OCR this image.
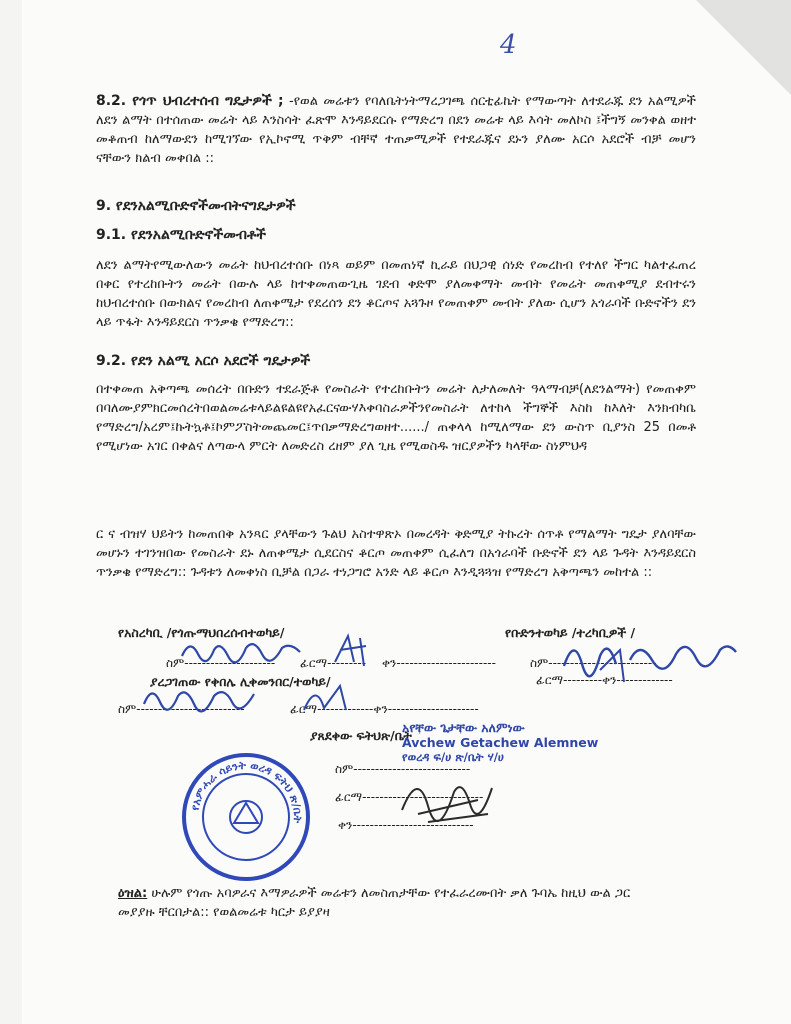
4
8.2. የጎጥ ህብረተሰብ ግዴታዎች ; -የወል መሬቱን የባለቤትነትማረጋገጫ ሰርቲፊኬት የማውጣት ለተደራጁ ደን አልሚዎች ለደን ልማት በተሰጠው መሬት ላይ እንስሳት ፈጽሞ እንዳይደርሱ የማድረግ በደን መሬቱ ላይ እሳት መለኮስ ፤ችግኝ መንቀል ወዘተ መቆጠብ ከለማውደን ከሚገኘው የኢኮኖሚ ጥቅም ብቸኛ ተጠቃሚዎች የተደራጁና ደኑን ያለሙ አርሶ አደሮች ብቻ መሆን ናቸውን ክልብ መቀበል ::
9. የደንአልሚቡድኖችመብትናግዴታዎች
9.1. የደንአልሚቡድኖችመብቶች
ለደን ልማትየሚውለውን መሬት ከህብረተሰቡ በነጻ ወይም በመጠነኛ ኪራይ በህጋዊ ሰነድ የመረከብ የተለየ ችግር ካልተፈጠረ በቀር የተረከቡትን መሬት በውሉ ላይ ከተቀመጠውጊዜ ገደብ ቀድሞ ያለመቀማት መብት የመሬት መጠቀሚያ ደብተሩን ከህብረተሰቡ በውክልና የመረከብ ለጠቀሜታ የደረሰን ደን ቆርጦና አጓጉዞ የመጠቀም መብት ያለው ሲሆን አጎራባች ቡድኖችን ደን ላይ ጥፋት እንዳይደርስ ጥንቃቄ የማድረግ::
9.2. የደን አልሚ አርሶ አደሮች ግዴታዎች
በተቀመጠ አቅጣጫ መሰረት በቡድን ተደራጅቶ የመስራት የተረከቡትን መሬት ለታለመለት ዓላማብቻ(ለደንልማት) የመጠቀም በባለሙያምክርመሰረትበወልመሬቱላይልዩልዩየአፈርናውሃእቀባስራዎችንየመስራት ለተከላ ችግኞች እስከ ከእለት እንክብካቤ የማድረግ/አረም፤ኩትኳቶ፤ኮምፖስትመጨመር፤ጥበቃማድረግወዘተ....../ ጠቀላላ ከሚለማው ደን ውስጥ ቢያንስ 25 በመቶ የሚሆነው አገር በቀልና ለጣውላ ምርት ለመድረስ ረዘም ያለ ጊዜ የሚወስዱ ዝርያዎችን ካላቸው ስነምህዳ
ር ና ብዝሃ ህይትን ከመጠበቅ አንጻር ያላቸውን ጉልህ አስተዋጽኦ በመረዳት ቅድሚያ ትኩረት ሰጥቶ የማልማት ግዴታ ያለባቸው መሆኑን ተገንዝበው የመስራት ደኑ ለጠቀሜታ ሲደርስና ቆርጦ መጠቀም ሲፈለግ በአጎራባች ቡድኖች ደን ላይ ጉዳት እንዳይደርስ ጥንቃቄ የማድረግ:: ጉዳቱን ለመቀነስ ቢቻል በጋራ ተነጋግሮ አንድ ላይ ቆርጦ እንዲጓጓዝ የማድረግ አቅጣጫን መከተል ::
የአስረካቢ /የጎጡማህበረሰብተወካይ/	የቡድንተወካይ /ተረካቢዎች /
ስም--------------------- ፊርማ--------- ቀን-----------------------	ስም-------------------------
ፊርማ---------ቀን-------------
ያረጋገጠው የቀበሌ ሊቀመንበር/ተወካይ/
ስም-------------------------	ፊርማ-------------ቀን---------------------
ያጸደቀው ፍትህጽ/ቤት
አየቸው ጌታቸው አለምነው
Avchew Getachew Alemnew
የወረዳ ፍ/ሀ ጽ/ቤት ሃ/ሀ
ስም---------------------------
ፊርማ----------------------------
ቀን----------------------------
የአምሓራ ሳይንት ወረዳ ፍትህ ጽ/ቤት
ዕዝል: ሁሉም የጎጡ አባዎራና እማዎራዎች መሬቱን ለመስጠታቸው የተፈራረሙበት ቃለ ጉባኤ ከዚህ ውል ጋር መያያዙ ቸርበታል:: የወልመሬቱ ካርታ ይያያዛ
